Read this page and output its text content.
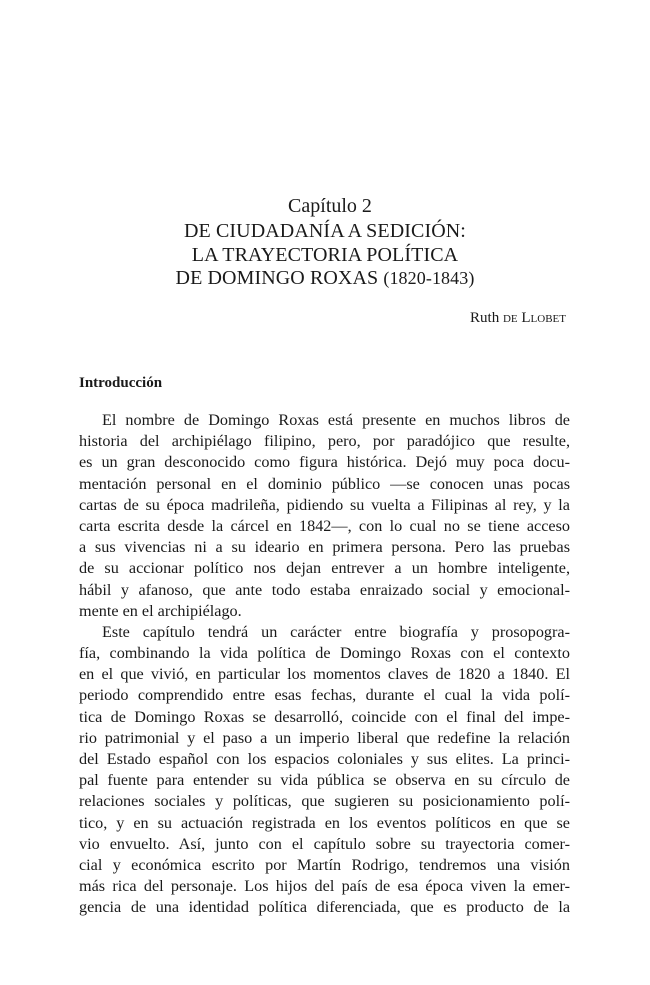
Capítulo 2
DE CIUDADANÍA A SEDICIÓN:
LA TRAYECTORIA POLÍTICA
DE DOMINGO ROXAS (1820-1843)
Ruth de Llobet
Introducción
El nombre de Domingo Roxas está presente en muchos libros de
historia del archipiélago filipino, pero, por paradójico que resulte,
es un gran desconocido como figura histórica. Dejó muy poca docu-
mentación personal en el dominio público —se conocen unas pocas
cartas de su época madrileña, pidiendo su vuelta a Filipinas al rey, y la
carta escrita desde la cárcel en 1842—, con lo cual no se tiene acceso
a sus vivencias ni a su ideario en primera persona. Pero las pruebas
de su accionar político nos dejan entrever a un hombre inteligente,
hábil y afanoso, que ante todo estaba enraizado social y emocional-
mente en el archipiélago.
Este capítulo tendrá un carácter entre biografía y prosopogra-
fía, combinando la vida política de Domingo Roxas con el contexto
en el que vivió, en particular los momentos claves de 1820 a 1840. El
periodo comprendido entre esas fechas, durante el cual la vida polí-
tica de Domingo Roxas se desarrolló, coincide con el final del impe-
rio patrimonial y el paso a un imperio liberal que redefine la relación
del Estado español con los espacios coloniales y sus elites. La princi-
pal fuente para entender su vida pública se observa en su círculo de
relaciones sociales y políticas, que sugieren su posicionamiento polí-
tico, y en su actuación registrada en los eventos políticos en que se
vio envuelto. Así, junto con el capítulo sobre su trayectoria comer-
cial y económica escrito por Martín Rodrigo, tendremos una visión
más rica del personaje. Los hijos del país de esa época viven la emer-
gencia de una identidad política diferenciada, que es producto de la
